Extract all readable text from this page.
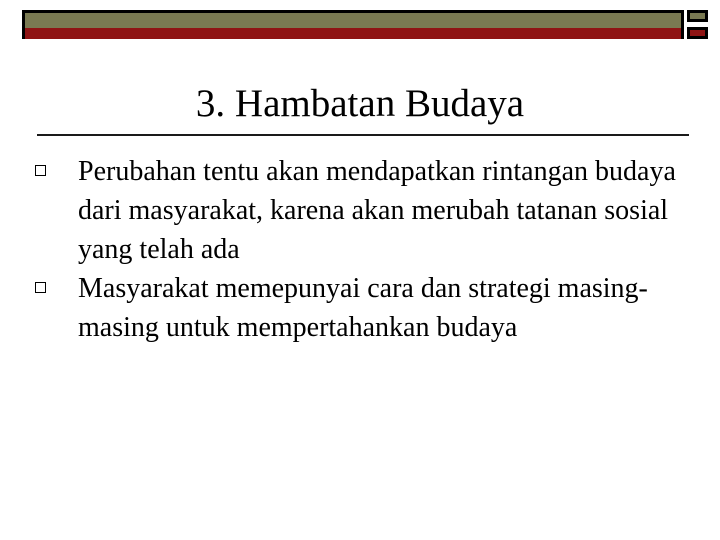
3. Hambatan Budaya
Perubahan tentu akan mendapatkan rintangan budaya dari masyarakat, karena akan merubah tatanan sosial yang telah ada
Masyarakat memepunyai cara dan strategi masing-masing untuk mempertahankan budaya
